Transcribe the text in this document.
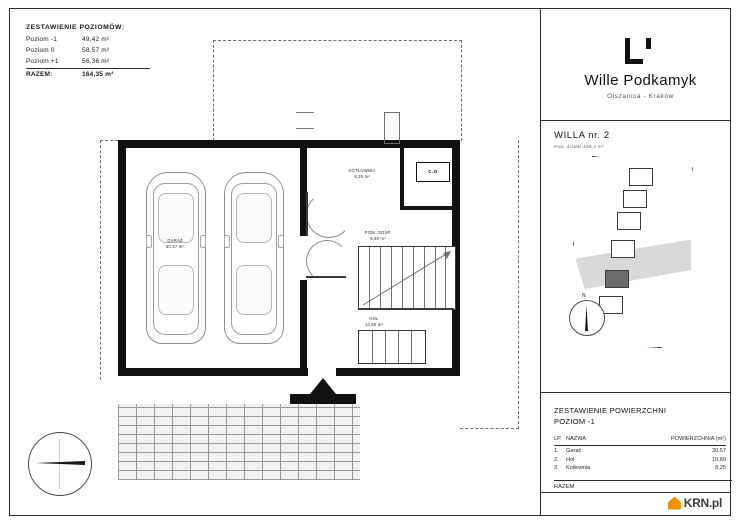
ZESTAWIENIE POZIOMÓW:
Poziom -1	49,42 m²
Poziom 0	58,57 m²
Poziom +1	56,36 m²
RAZEM:	164,35 m²
c.o
GARAŻ
30,57 m²
KOTŁOWNIA
8,25 m²
POM. GOSP.
5,60 m²
HOL
10,60 m²
Wille Podkamyk
Olszanica - Kraków
WILLA nr. 2
Pow. działki 498,4 m²
N
ZESTAWIENIE POWIERZCHNI
POZIOM -1
LP.	NAZWA	POWIERZCHNIA (m²)
1.	Garaż	30,57
2.	Hol	10,60
3.	Kotłownia	8,25
RAZEM
KRN.pl
